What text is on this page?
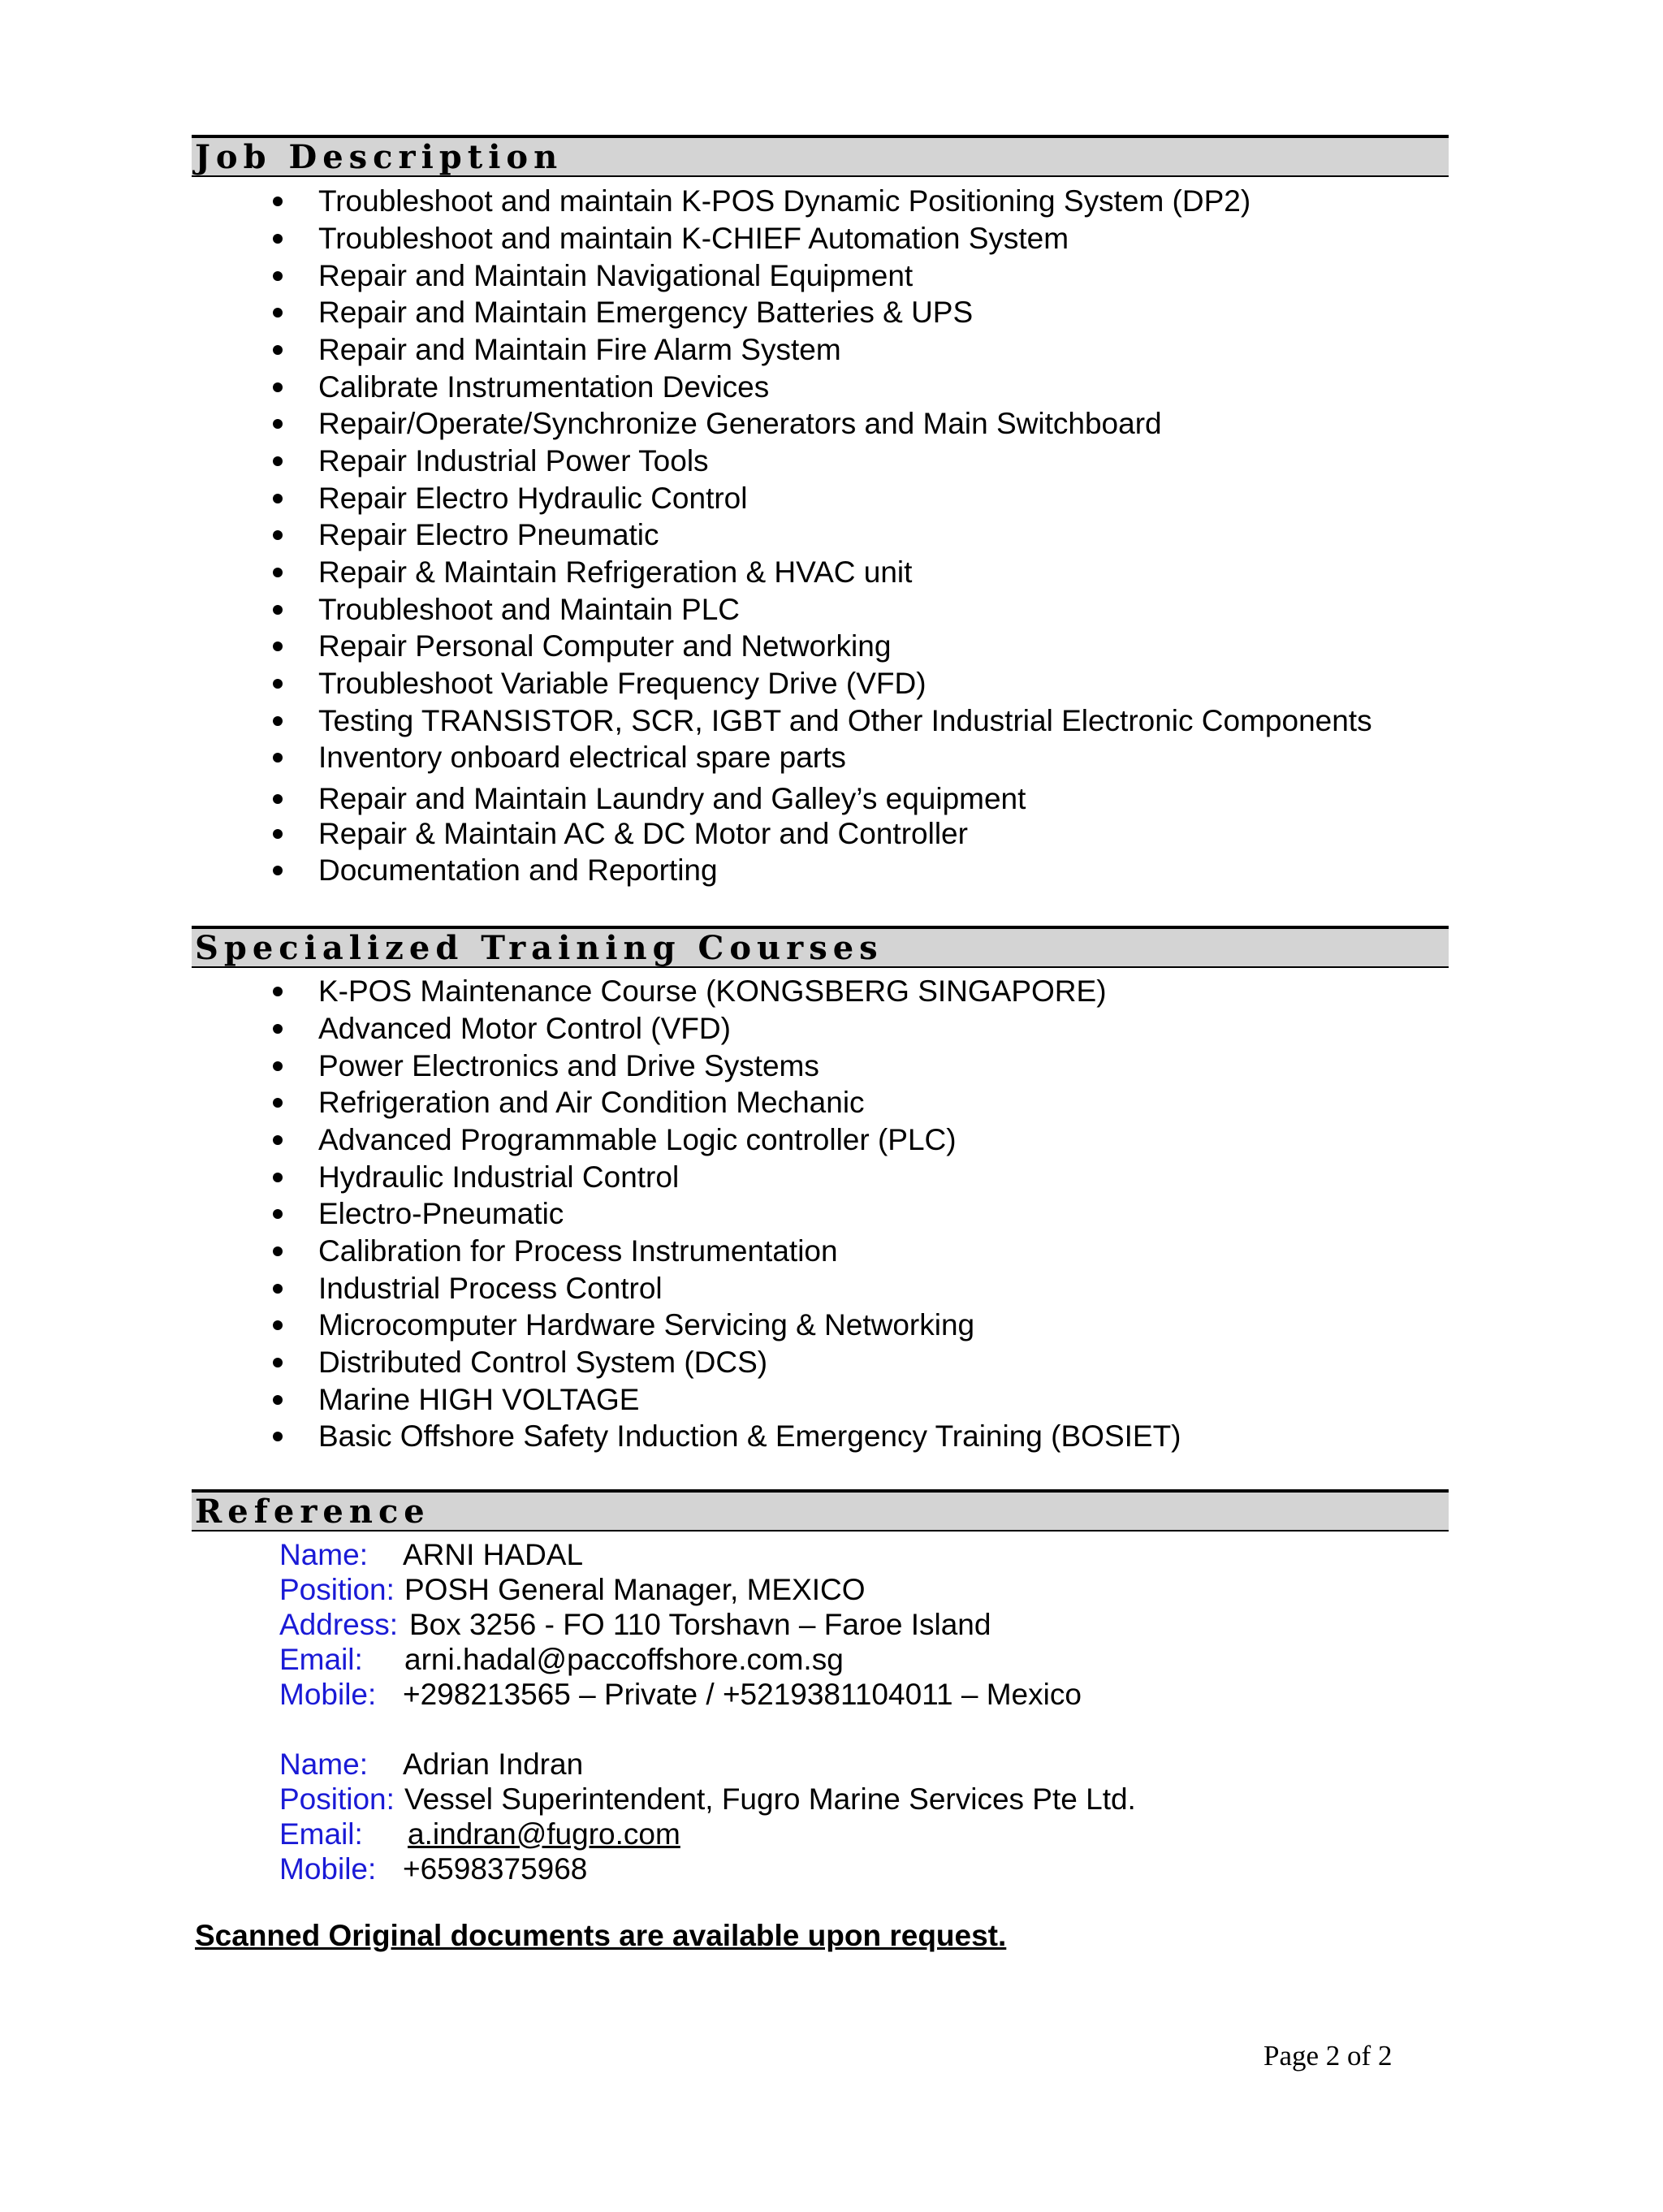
Job Description
Troubleshoot and maintain K-POS Dynamic Positioning System (DP2)
Troubleshoot and maintain K-CHIEF Automation System
Repair and Maintain Navigational Equipment
Repair and Maintain Emergency Batteries & UPS
Repair and Maintain Fire Alarm System
Calibrate Instrumentation Devices
Repair/Operate/Synchronize Generators and Main Switchboard
Repair Industrial Power Tools
Repair Electro Hydraulic Control
Repair Electro Pneumatic
Repair & Maintain Refrigeration & HVAC unit
Troubleshoot and Maintain PLC
Repair Personal Computer and Networking
Troubleshoot Variable Frequency Drive (VFD)
Testing TRANSISTOR, SCR, IGBT and Other Industrial Electronic Components
Inventory onboard electrical spare parts
Repair and Maintain Laundry and Galley’s equipment
Repair & Maintain AC & DC Motor and Controller
Documentation and Reporting
Specialized Training Courses
K-POS Maintenance Course (KONGSBERG SINGAPORE)
Advanced Motor Control (VFD)
Power Electronics and Drive Systems
Refrigeration and Air Condition Mechanic
Advanced Programmable Logic controller (PLC)
Hydraulic Industrial Control
Electro-Pneumatic
Calibration for Process Instrumentation
Industrial Process Control
Microcomputer Hardware Servicing & Networking
Distributed Control System (DCS)
Marine HIGH VOLTAGE
Basic Offshore Safety Induction & Emergency Training (BOSIET)
Reference
Name: ARNI HADAL
Position: POSH General Manager, MEXICO
Address: Box 3256 - FO 110 Torshavn – Faroe Island
Email: arni.hadal@paccoffshore.com.sg
Mobile: +298213565 – Private / +5219381104011 – Mexico
Name: Adrian Indran
Position: Vessel Superintendent, Fugro Marine Services Pte Ltd.
Email: a.indran@fugro.com
Mobile: +6598375968
Scanned Original documents are available upon request.
Page 2 of 2
